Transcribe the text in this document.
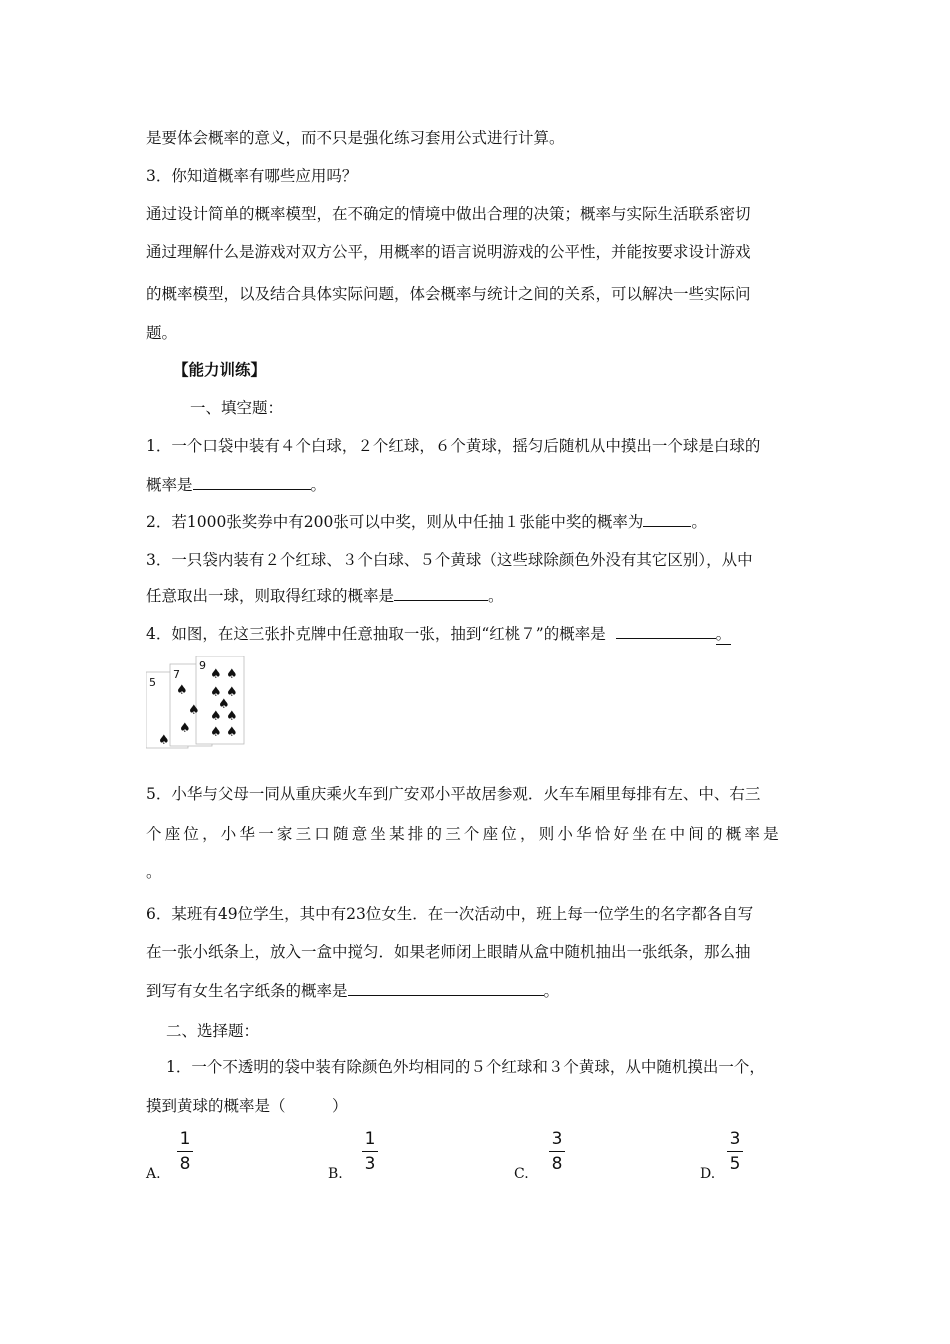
是要体会概率的意义，而不只是强化练习套用公式进行计算。
3．你知道概率有哪些应用吗？
通过设计简单的概率模型，在不确定的情境中做出合理的决策；概率与实际生活联系密切
通过理解什么是游戏对双方公平，用概率的语言说明游戏的公平性，并能按要求设计游戏
的概率模型，以及结合具体实际问题，体会概率与统计之间的关系，可以解决一些实际问
题。
【能力训练】
一、填空题：
1．一个口袋中装有４个白球，２个红球，６个黄球，摇匀后随机从中摸出一个球是白球的
概率是	。
2．若1000张奖券中有200张可以中奖，则从中任抽１张能中奖的概率为	。
3．一只袋内装有２个红球、３个白球、５个黄球（这些球除颜色外没有其它区别），从中
任意取出一球，则取得红球的概率是	。
4．如图，在这三张扑克牌中任意抽取一张，抽到“红桃７”的概率是	。
5
7
9
♠
♠
♠
♠
♠ ♠
♠ ♠
♠
♠ ♠
♠ ♠
5．小华与父母一同从重庆乘火车到广安邓小平故居参观．火车车厢里每排有左、中、右三
个座位，小华一家三口随意坐某排的三个座位，则小华恰好坐在中间的概率是
。
6．某班有49位学生，其中有23位女生．在一次活动中，班上每一位学生的名字都各自写
在一张小纸条上，放入一盒中搅匀．如果老师闭上眼睛从盒中随机抽出一张纸条，那么抽
到写有女生名字纸条的概率是	。
二、选择题：
1．一个不透明的袋中装有除颜色外均相同的５个红球和３个黄球，从中随机摸出一个，
摸到黄球的概率是（　　　）
A.
1
8	B.
1
3	C.
3
8	D.
3
5
